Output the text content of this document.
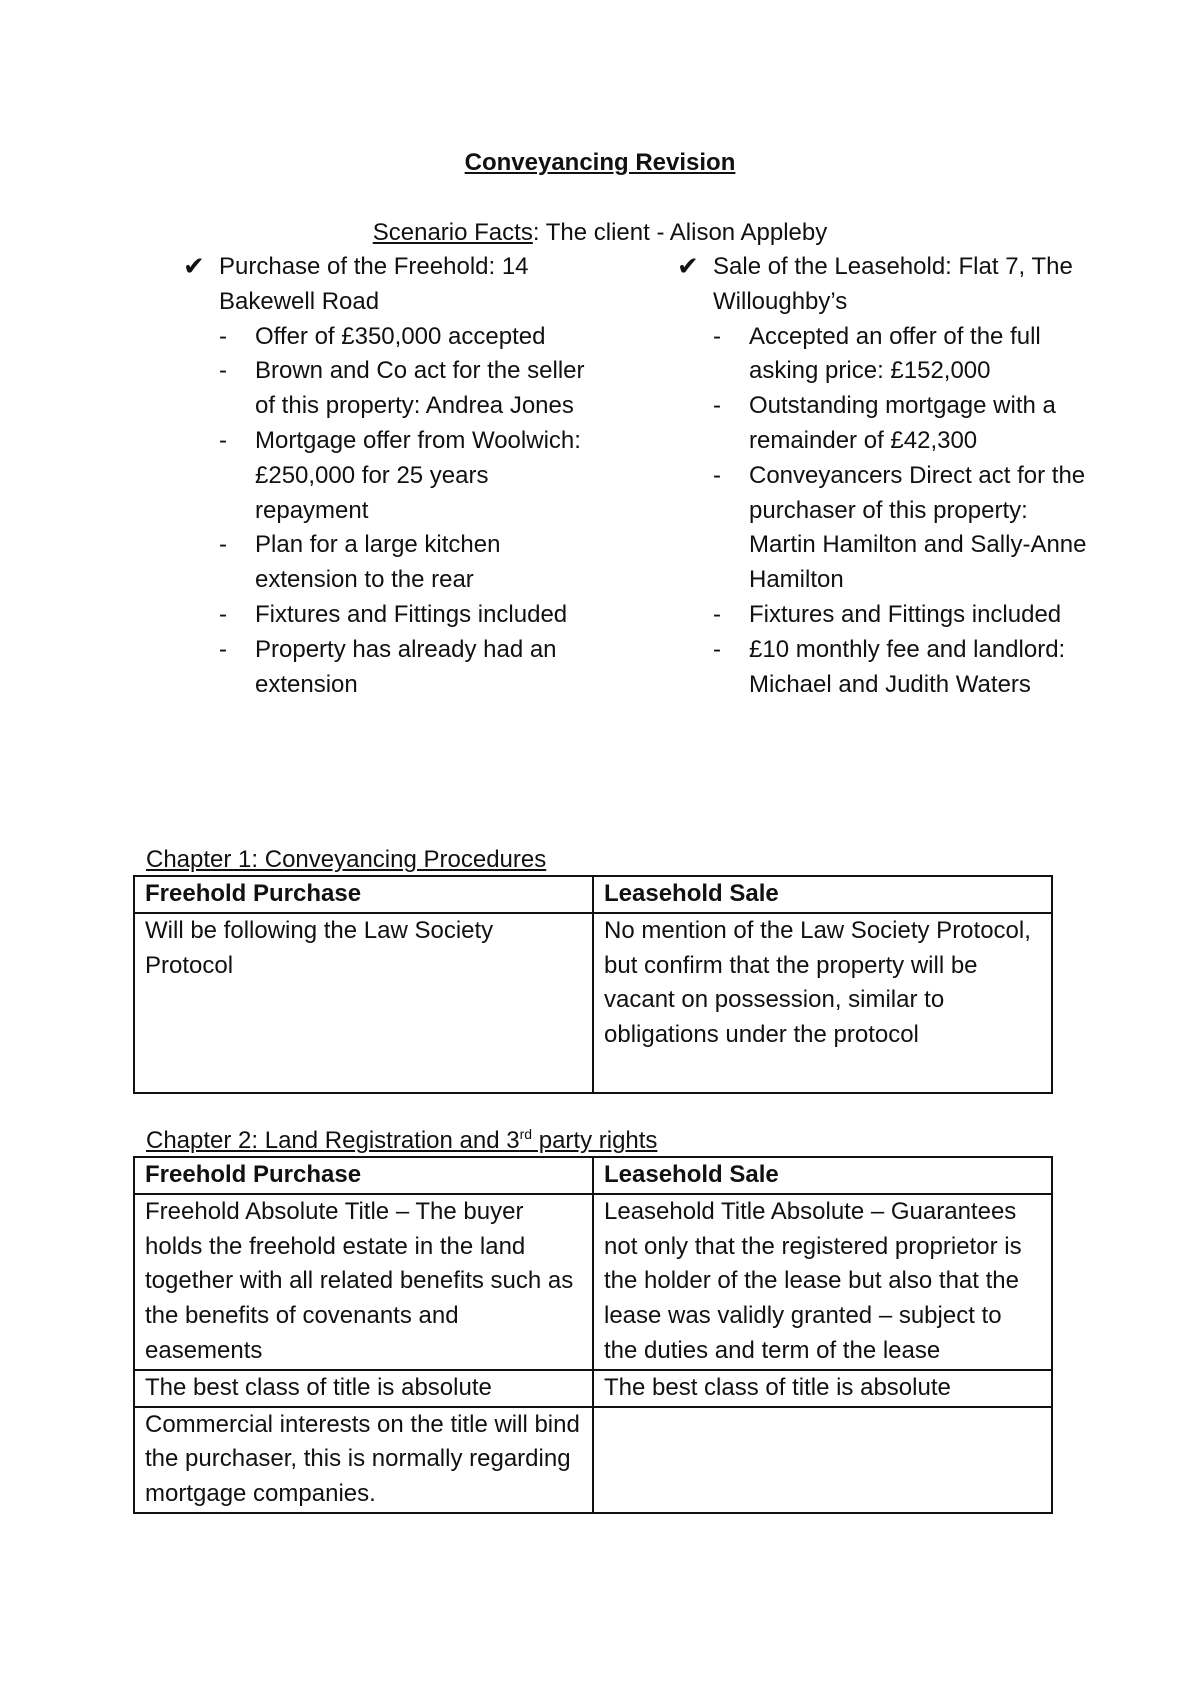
Conveyancing Revision
Scenario Facts: The client - Alison Appleby
✔ Purchase of the Freehold: 14 Bakewell Road
- Offer of £350,000 accepted
- Brown and Co act for the seller of this property: Andrea Jones
- Mortgage offer from Woolwich: £250,000 for 25 years repayment
- Plan for a large kitchen extension to the rear
- Fixtures and Fittings included
- Property has already had an extension
✔ Sale of the Leasehold: Flat 7, The Willoughby’s
- Accepted an offer of the full asking price: £152,000
- Outstanding mortgage with a remainder of £42,300
- Conveyancers Direct act for the purchaser of this property: Martin Hamilton and Sally-Anne Hamilton
- Fixtures and Fittings included
- £10 monthly fee and landlord: Michael and Judith Waters
Chapter 1: Conveyancing Procedures
Freehold Purchase	Leasehold Sale
Will be following the Law Society Protocol	No mention of the Law Society Protocol, but confirm that the property will be vacant on possession, similar to obligations under the protocol
Chapter 2: Land Registration and 3rd party rights
Freehold Purchase	Leasehold Sale
Freehold Absolute Title – The buyer holds the freehold estate in the land together with all related benefits such as the benefits of covenants and easements	Leasehold Title Absolute – Guarantees not only that the registered proprietor is the holder of the lease but also that the lease was validly granted – subject to the duties and term of the lease
The best class of title is absolute	The best class of title is absolute
Commercial interests on the title will bind the purchaser, this is normally regarding mortgage companies.	
